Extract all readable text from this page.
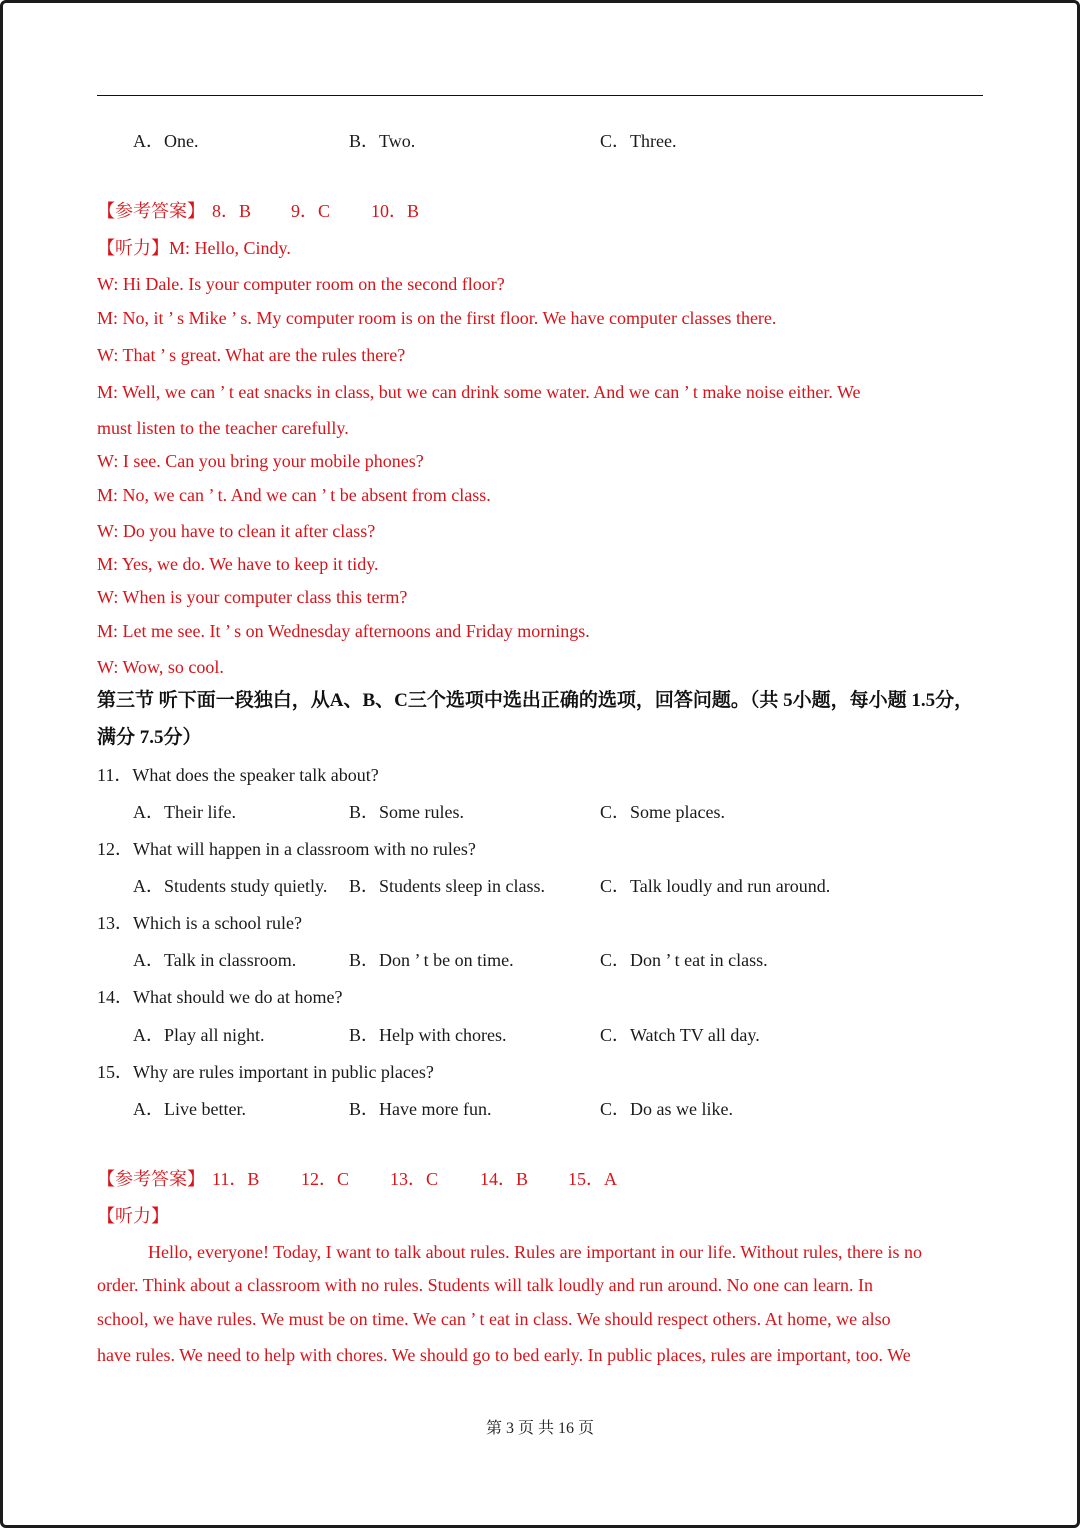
A．One.	B．Two.	C．Three.
【参考答案】 8．B 9．C 10．B
【听力】M: Hello, Cindy.
W: Hi Dale. Is your computer room on the second floor?
M: No, it ’ s Mike ’ s. My computer room is on the first floor. We have computer classes there.
W: That ’ s great. What are the rules there?
M: Well, we can ’ t eat snacks in class, but we can drink some water. And we can ’ t make noise either. We
must listen to the teacher carefully.
W: I see. Can you bring your mobile phones?
M: No, we can ’ t. And we can ’ t be absent from class.
W: Do you have to clean it after class?
M: Yes, we do. We have to keep it tidy.
W: When is your computer class this term?
M: Let me see. It ’ s on Wednesday afternoons and Friday mornings.
W: Wow, so cool.
第三节 听下面一段独白，从A、B、C三个选项中选出正确的选项，回答问题。（共 5小题，每小题 1.5分，
满分 7.5分）
11．What does the speaker talk about?
A．Their life.	B．Some rules.	C．Some places.
12．What will happen in a classroom with no rules?
A．Students study quietly. B．Students sleep in class.	C．Talk loudly and run around.
13．Which is a school rule?
A．Talk in classroom.	B．Don ’ t be on time.	C．Don ’ t eat in class.
14．What should we do at home?
A．Play all night.	B．Help with chores.	C．Watch TV all day.
15．Why are rules important in public places?
A．Live better.	B．Have more fun.	C．Do as we like.
【参考答案】 11．B 12．C 13．C 14．B 15．A
【听力】
Hello, everyone! Today, I want to talk about rules. Rules are important in our life. Without rules, there is no
order. Think about a classroom with no rules. Students will talk loudly and run around. No one can learn. In
school, we have rules. We must be on time. We can ’ t eat in class. We should respect others. At home, we also
have rules. We need to help with chores. We should go to bed early. In public places, rules are important, too. We
第 3 页 共 16 页
